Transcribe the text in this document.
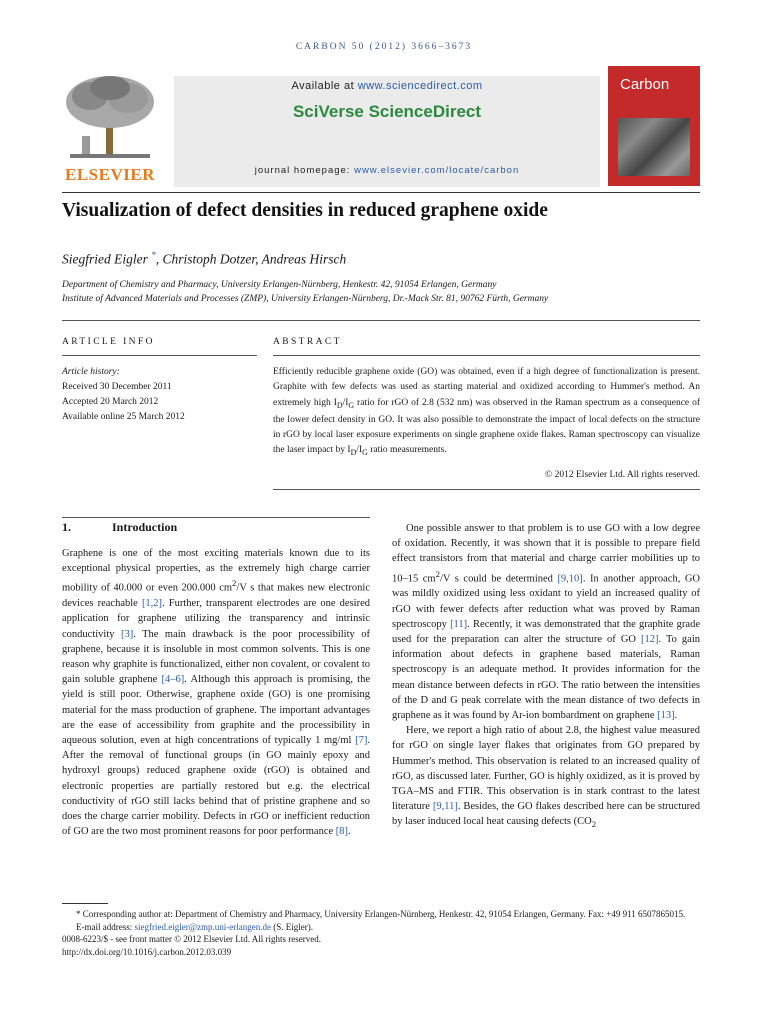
CARBON 50 (2012) 3666–3673
ELSEVIER
Available at www.sciencedirect.com
SciVerse ScienceDirect
journal homepage: www.elsevier.com/locate/carbon
Carbon
Visualization of defect densities in reduced graphene oxide
Siegfried Eigler *, Christoph Dotzer, Andreas Hirsch
Department of Chemistry and Pharmacy, University Erlangen-Nürnberg, Henkestr. 42, 91054 Erlangen, Germany
Institute of Advanced Materials and Processes (ZMP), University Erlangen-Nürnberg, Dr.-Mack Str. 81, 90762 Fürth, Germany
ARTICLE INFO	ABSTRACT
Article history:
Received 30 December 2011
Accepted 20 March 2012
Available online 25 March 2012
Efficiently reducible graphene oxide (GO) was obtained, even if a high degree of functionalization is present. Graphite with few defects was used as starting material and oxidized according to Hummer's method. An extremely high $I_D/I_G$ ratio for rGO of 2.8 (532 nm) was observed in the Raman spectrum as a consequence of the lower defect density in GO. It was also possible to demonstrate the impact of local defects on the structure in rGO by local laser exposure experiments on single graphene oxide flakes. Raman spectroscopy can visualize the laser impact by $I_D/I_G$ ratio measurements.
© 2012 Elsevier Ltd. All rights reserved.
1.	Introduction

Graphene is one of the most exciting materials known due to its exceptional physical properties, as the extremely high charge carrier mobility of 40.000 or even 200.000 $cm^2/V$ s that makes new electronic devices reachable [1,2]. Further, transparent electrodes are one desired application for graphene utilizing the transparency and intrinsic conductivity [3]. The main drawback is the poor processibility of graphene, because it is insoluble in most common solvents. This is one reason why graphite is functionalized, either non covalent, or covalent to gain soluble graphene [4–6]. Although this approach is promising, the yield is still poor. Otherwise, graphene oxide (GO) is one promising material for the mass production of graphene. The important advantages are the ease of accessibility from graphite and the processibility in aqueous solution, even at high concentrations of typically 1 mg/ml [7]. After the removal of functional groups (in GO mainly epoxy and hydroxyl groups) reduced graphene oxide (rGO) is obtained and electronic properties are partially restored but e.g. the electrical conductivity of rGO still lacks behind that of pristine graphene and so does the charge carrier mobility. Defects in rGO or inefficient reduction of GO are the two most prominent reasons for poor performance [8].

One possible answer to that problem is to use GO with a low degree of oxidation. Recently, it was shown that it is possible to prepare field effect transistors from that material and charge carrier mobilities up to 10–15 $cm^2/V$ s could be determined [9,10]. In another approach, GO was mildly oxidized using less oxidant to yield an increased quality of rGO with fewer defects after reduction what was proved by Raman spectroscopy [11]. Recently, it was demonstrated that the graphite grade used for the preparation can alter the structure of GO [12]. To gain information about defects in graphene based materials, Raman spectroscopy is an adequate method. It provides information for the mean distance between defects in rGO. The ratio between the intensities of the D and G peak correlate with the mean distance of two defects in graphene as it was found by Ar-ion bombardment on graphene [13].

Here, we report a high ratio of about 2.8, the highest value measured for rGO on single layer flakes that originates from GO prepared by Hummer's method. This observation is related to an increased quality of rGO, as discussed later. Further, GO is highly oxidized, as it is proved by TGA–MS and FTIR. This observation is in stark contrast to the latest literature [9,11]. Besides, the GO flakes described here can be structured by laser induced local heat causing defects ($CO_2$

* Corresponding author at: Department of Chemistry and Pharmacy, University Erlangen-Nürnberg, Henkestr. 42, 91054 Erlangen, Germany. Fax: +49 911 6507865015.

E-mail address: siegfried.eigler@zmp.uni-erlangen.de (S. Eigler).

0008-6223/$ - see front matter © 2012 Elsevier Ltd. All rights reserved.

http://dx.doi.org/10.1016/j.carbon.2012.03.039
